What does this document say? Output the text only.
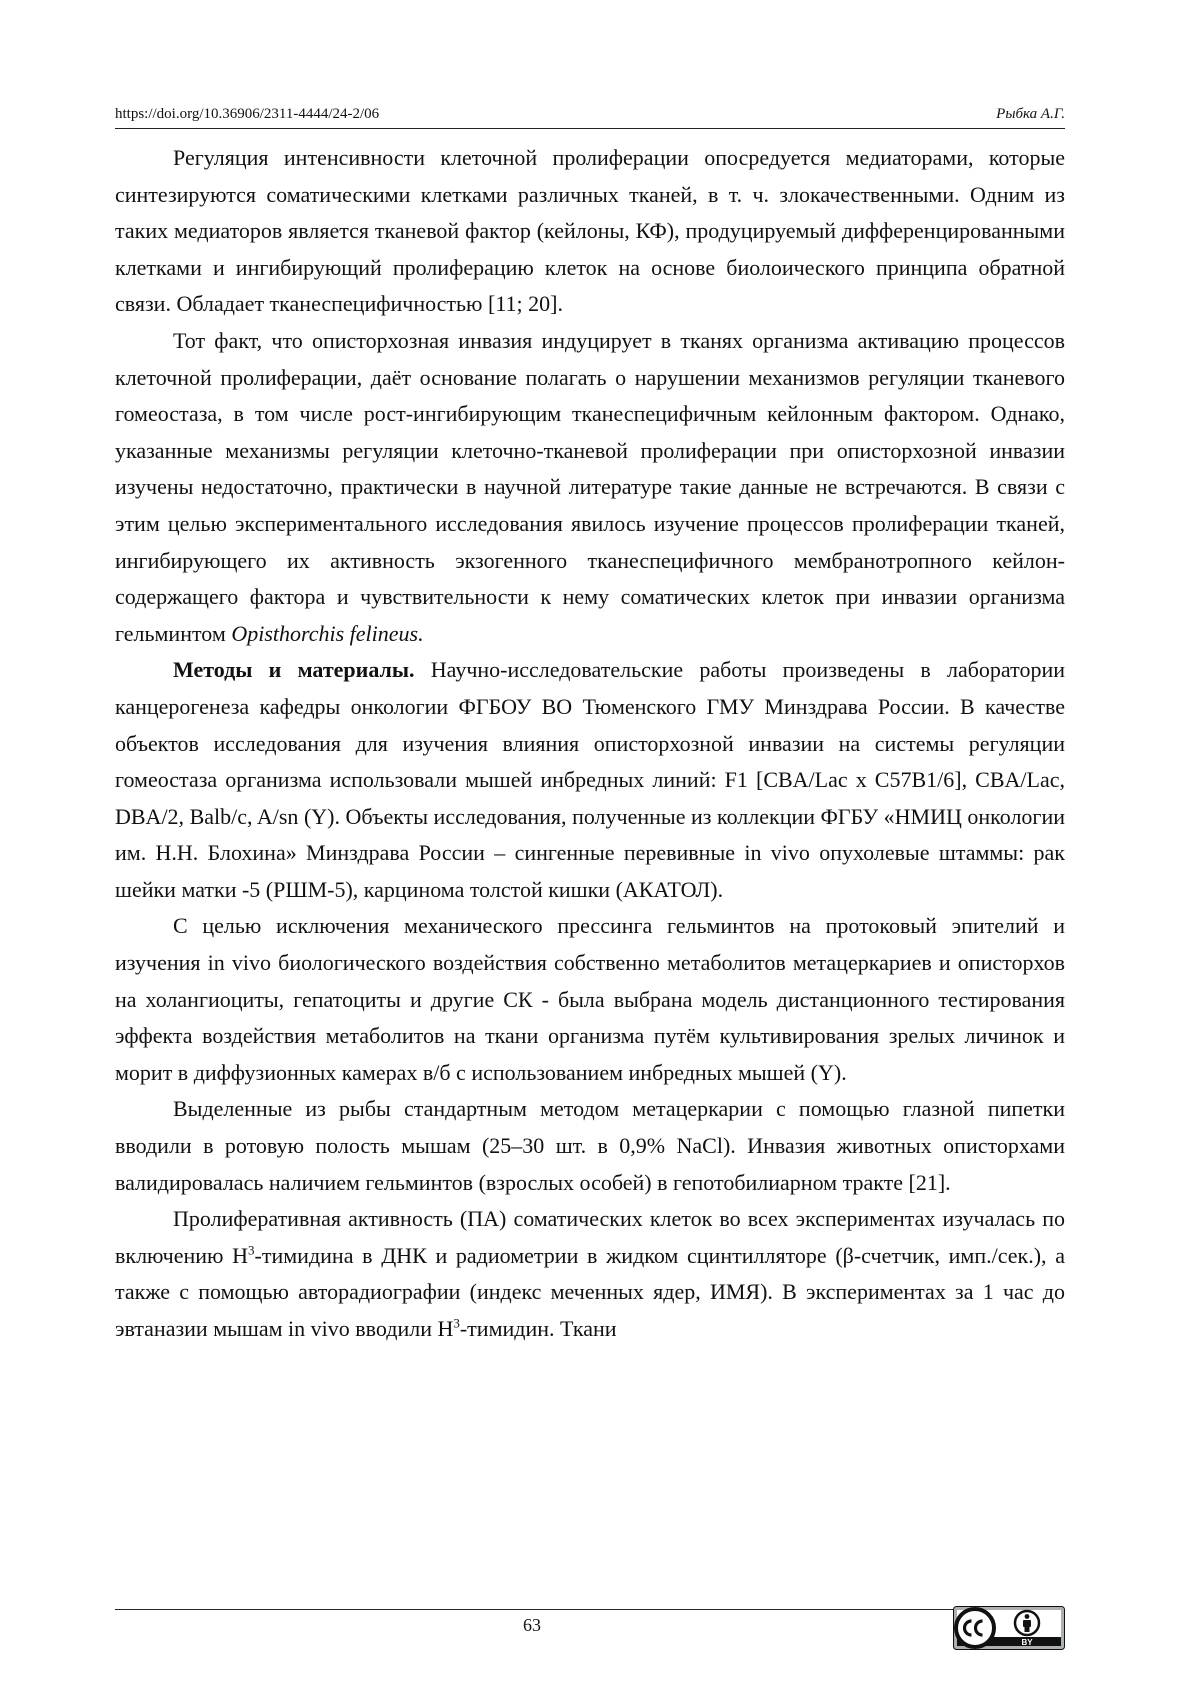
https://doi.org/10.36906/2311-4444/24-2/06	Рыбка А.Г.

Регуляция интенсивности клеточной пролиферации опосредуется медиаторами, которые синтезируются соматическими клетками различных тканей, в т. ч. злокачественными. Одним из таких медиаторов является тканевой фактор (кейлоны, КФ), продуцируемый дифференцированными клетками и ингибирующий пролиферацию клеток на основе биолоического принципа обратной связи. Обладает тканеспецифичностью [11; 20].

Тот факт, что описторхозная инвазия индуцирует в тканях организма активацию процессов клеточной пролиферации, даёт основание полагать о нарушении механизмов регуляции тканевого гомеостаза, в том числе рост-ингибирующим тканеспецифичным кейлонным фактором. Однако, указанные механизмы регуляции клеточно-тканевой пролиферации при описторхозной инвазии изучены недостаточно, практически в научной литературе такие данные не встречаются. В связи с этим целью экспериментального исследования явилось изучение процессов пролиферации тканей, ингибирующего их активность экзогенного тканеспецифичного мембранотропного кейлон-содержащего фактора и чувствительности к нему соматических клеток при инвазии организма гельминтом Opisthorchis felineus.

Методы и материалы. Научно-исследовательские работы произведены в лаборатории канцерогенеза кафедры онкологии ФГБОУ ВО Тюменского ГМУ Минздрава России. В качестве объектов исследования для изучения влияния описторхозной инвазии на системы регуляции гомеостаза организма использовали мышей инбредных линий: F1 [CBA/Lac x C57B1/6], CBA/Lac, DBA/2, Balb/c, A/sn (Y). Объекты исследования, полученные из коллекции ФГБУ «НМИЦ онкологии им. Н.Н. Блохина» Минздрава России – сингенные перевивные in vivo опухолевые штаммы: рак шейки матки -5 (РШМ-5), карцинома толстой кишки (АКАТОЛ).

С целью исключения механического прессинга гельминтов на протоковый эпителий и изучения in vivo биологического воздействия собственно метаболитов метацеркариев и описторхов на холангиоциты, гепатоциты и другие СК - была выбрана модель дистанционного тестирования эффекта воздействия метаболитов на ткани организма путём культивирования зрелых личинок и морит в диффузионных камерах в/б с использованием инбредных мышей (Y).

Выделенные из рыбы стандартным методом метацеркарии с помощью глазной пипетки вводили в ротовую полость мышам (25–30 шт. в 0,9% NaCl). Инвазия животных описторхами валидировалась наличием гельминтов (взрослых особей) в гепотобилиарном тракте [21].

Пролиферативная активность (ПА) соматических клеток во всех экспериментах изучалась по включению $Н^3$-тимидина в ДНК и радиометрии в жидком сцинтилляторе (β-счетчик, имп./сек.), а также с помощью авторадиографии (индекс меченных ядер, ИМЯ). В экспериментах за 1 час до эвтаназии мышам in vivo вводили $Н^3$-тимидин. Ткани

63
BY
